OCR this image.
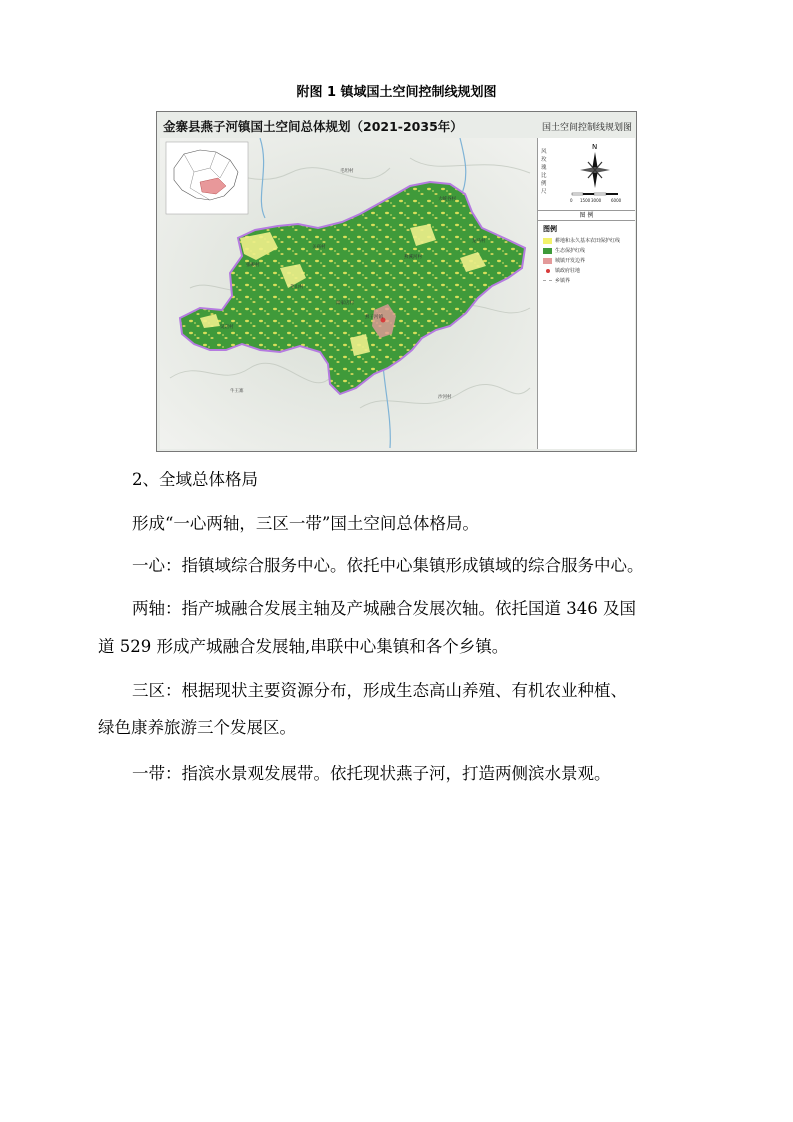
附图 1 镇域国土空间控制线规划图
金寨县燕子河镇国土空间总体规划（2021-2035年）	国土空间控制线规划图
燕子河镇
关庙村
张畈村
大峡谷村
龙马村
燕溪河村
闻家店村
茅山村
吴店村
毛坦村
牛王寨
沙河村
风
玫
瑰
比
例
尺
N
0 1500 3000 6000
图 例
图例
耕地和永久基本农田保护红线
生态保护红线
城镇开发边界
镇政府驻地
乡镇界
2、全域总体格局
形成“一心两轴，三区一带”国土空间总体格局。
一心：指镇域综合服务中心。依托中心集镇形成镇域的综合服务中心。
两轴：指产城融合发展主轴及产城融合发展次轴。依托国道 346 及国
道 529 形成产城融合发展轴,串联中心集镇和各个乡镇。
三区：根据现状主要资源分布，形成生态高山养殖、有机农业种植、
绿色康养旅游三个发展区。
一带：指滨水景观发展带。依托现状燕子河，打造两侧滨水景观。
